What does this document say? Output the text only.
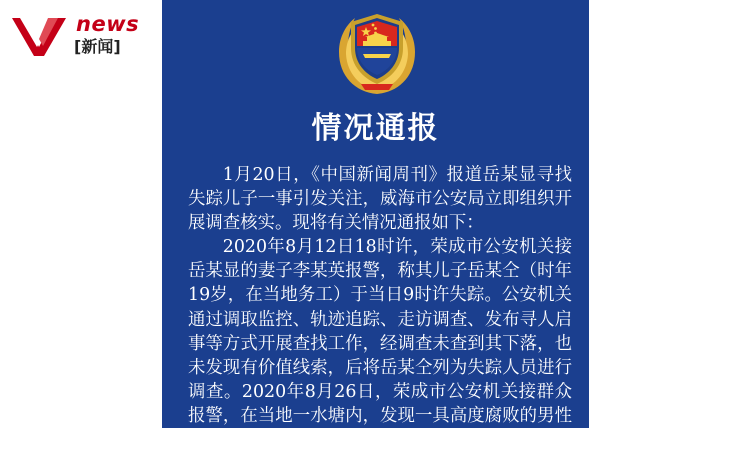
news
[新闻]
情况通报

1月20日，《中国新闻周刊》报道岳某显寻找失踪儿子一事引发关注，威海市公安局立即组织开展调查核实。现将有关情况通报如下：

2020年8月12日18时许，荣成市公安机关接岳某显的妻子李某英报警，称其儿子岳某仝（时年19岁，在当地务工）于当日9时许失踪。公安机关通过调取监控、轨迹追踪、走访调查、发布寻人启事等方式开展查找工作，经调查未查到其下落，也未发现有价值线索，后将岳某仝列为失踪人员进行调查。2020年8月26日，荣成市公安机关接群众报警，在当地一水塘内，发现一具高度腐败的男性尸体，经现场勘查、尸体检验和外围调查，未发现有迎罪事实存在，暂将尸主身份
